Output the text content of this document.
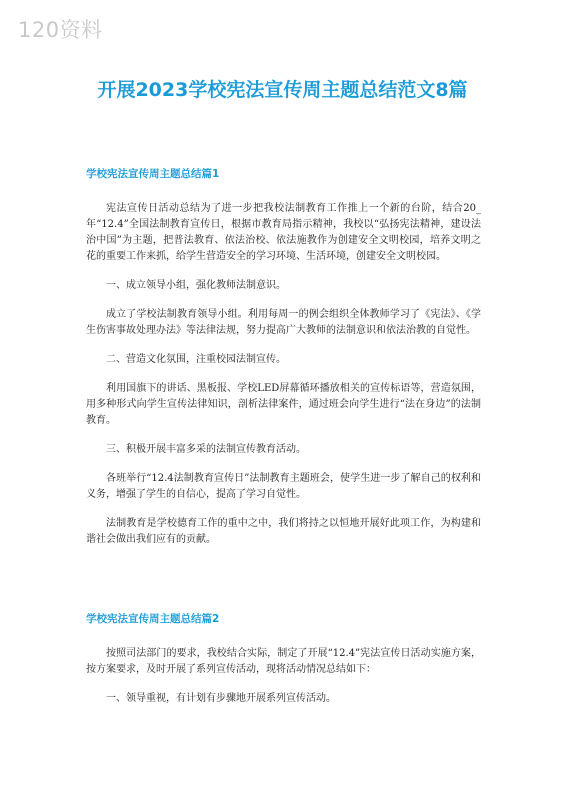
120资料
开展2023学校宪法宣传周主题总结范文8篇
学校宪法宣传周主题总结篇1

宪法宣传日活动总结为了进一步把我校法制教育工作推上一个新的台阶，结合20_年“12.4”全国法制教育宣传日，根据市教育局指示精神，我校以“弘扬宪法精神，建设法治中国”为主题，把普法教育、依法治校、依法施教作为创建安全文明校园，培养文明之花的重要工作来抓，给学生营造安全的学习环境、生活环境，创建安全文明校园。

一、成立领导小组，强化教师法制意识。

成立了学校法制教育领导小组。利用每周一的例会组织全体教师学习了《宪法》、《学生伤害事故处理办法》等法律法规，努力提高广大教师的法制意识和依法治教的自觉性。

二、营造文化氛围，注重校园法制宣传。

利用国旗下的讲话、黑板报、学校LED屏幕循环播放相关的宣传标语等，营造氛围，用多种形式向学生宣传法律知识，剖析法律案件，通过班会向学生进行“法在身边”的法制教育。

三、积极开展丰富多采的法制宣传教育活动。

各班举行“12.4法制教育宣传日”法制教育主题班会，使学生进一步了解自己的权利和义务，增强了学生的自信心，提高了学习自觉性。

法制教育是学校德育工作的重中之中，我们将持之以恒地开展好此项工作，为构建和谐社会做出我们应有的贡献。

学校宪法宣传周主题总结篇2

按照司法部门的要求，我校结合实际，制定了开展“12.4”宪法宣传日活动实施方案，按方案要求，及时开展了系列宣传活动，现将活动情况总结如下：

一、领导重视，有计划有步骤地开展系列宣传活动。
